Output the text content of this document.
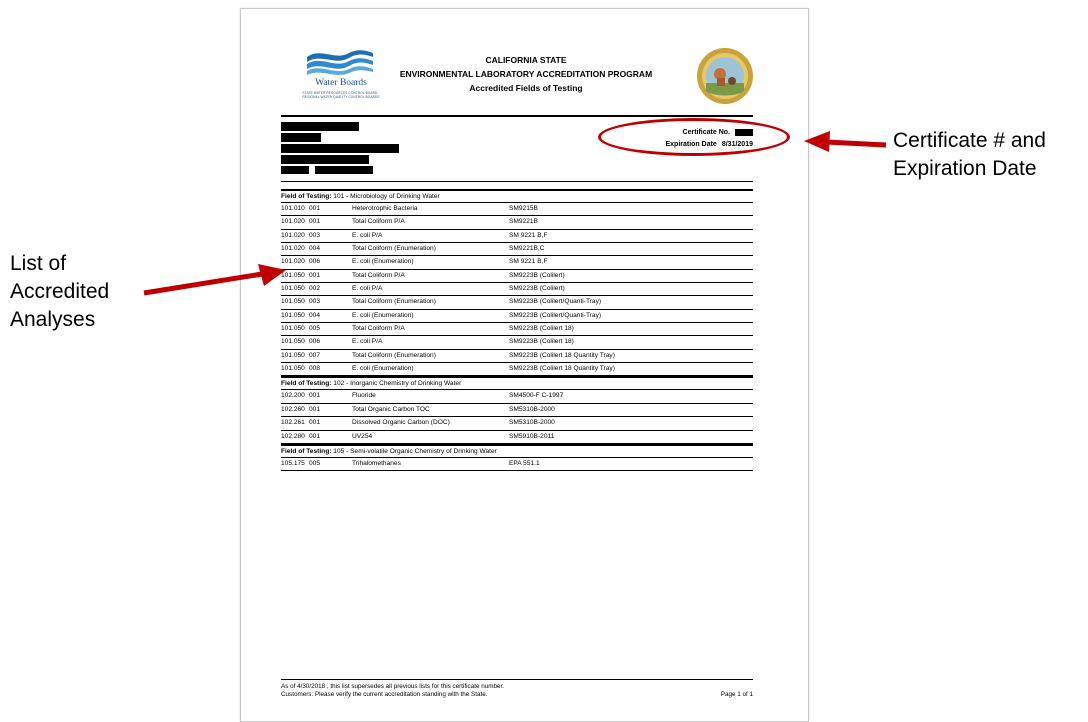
Water Boards
STATE WATER RESOURCES CONTROL BOARD · REGIONAL WATER QUALITY CONTROL BOARDS
CALIFORNIA STATE
ENVIRONMENTAL LABORATORY ACCREDITATION PROGRAM
Accredited Fields of Testing
Certificate No.
Expiration Date 8/31/2019
Field of Testing: 101 - Microbiology of Drinking Water
101.010 001	Heterotrophic Bacteria	SM9215B
101.020 001	Total Coliform P/A	SM9221B
101.020 003	E. coli P/A	SM 9221 B,F
101.020 004	Total Coliform (Enumeration)	SM9221B,C
101.020 006	E. coli (Enumeration)	SM 9221 B,F
101.050 001	Total Coliform P/A	SM9223B (Colilert)
101.050 002	E. coli P/A	SM9223B (Colilert)
101.050 003	Total Coliform (Enumeration)	SM9223B (Colilert/Quanti-Tray)
101.050 004	E. coli (Enumeration)	SM9223B (Colilert/Quanti-Tray)
101.050 005	Total Coliform P/A	SM9223B (Colilert 18)
101.050 006	E. coli P/A	SM9223B (Colilert 18)
101.050 007	Total Coliform (Enumeration)	SM9223B (Colilert 18 Quantity Tray)
101.050 008	E. coli (Enumeration)	SM9223B (Colilert 18 Quantity Tray)
Field of Testing: 102 - Inorganic Chemistry of Drinking Water
102.200 001	Fluoride	SM4500-F C-1997
102.260 001	Total Organic Carbon TOC	SM5310B-2000
102.261 001	Dissolved Organic Carbon (DOC)	SM5310B-2000
102.280 001	UV254	SM5910B-2011
Field of Testing: 105 - Semi-volatile Organic Chemistry of Drinking Water
105.175 005	Trihalomethanes	EPA 551.1
As of 4/30/2018 , this list supersedes all previous lists for this certificate number.
Customers: Please verify the current accreditation standing with the State.	Page 1 of 1
List of Accredited Analyses
Certificate # and Expiration Date
